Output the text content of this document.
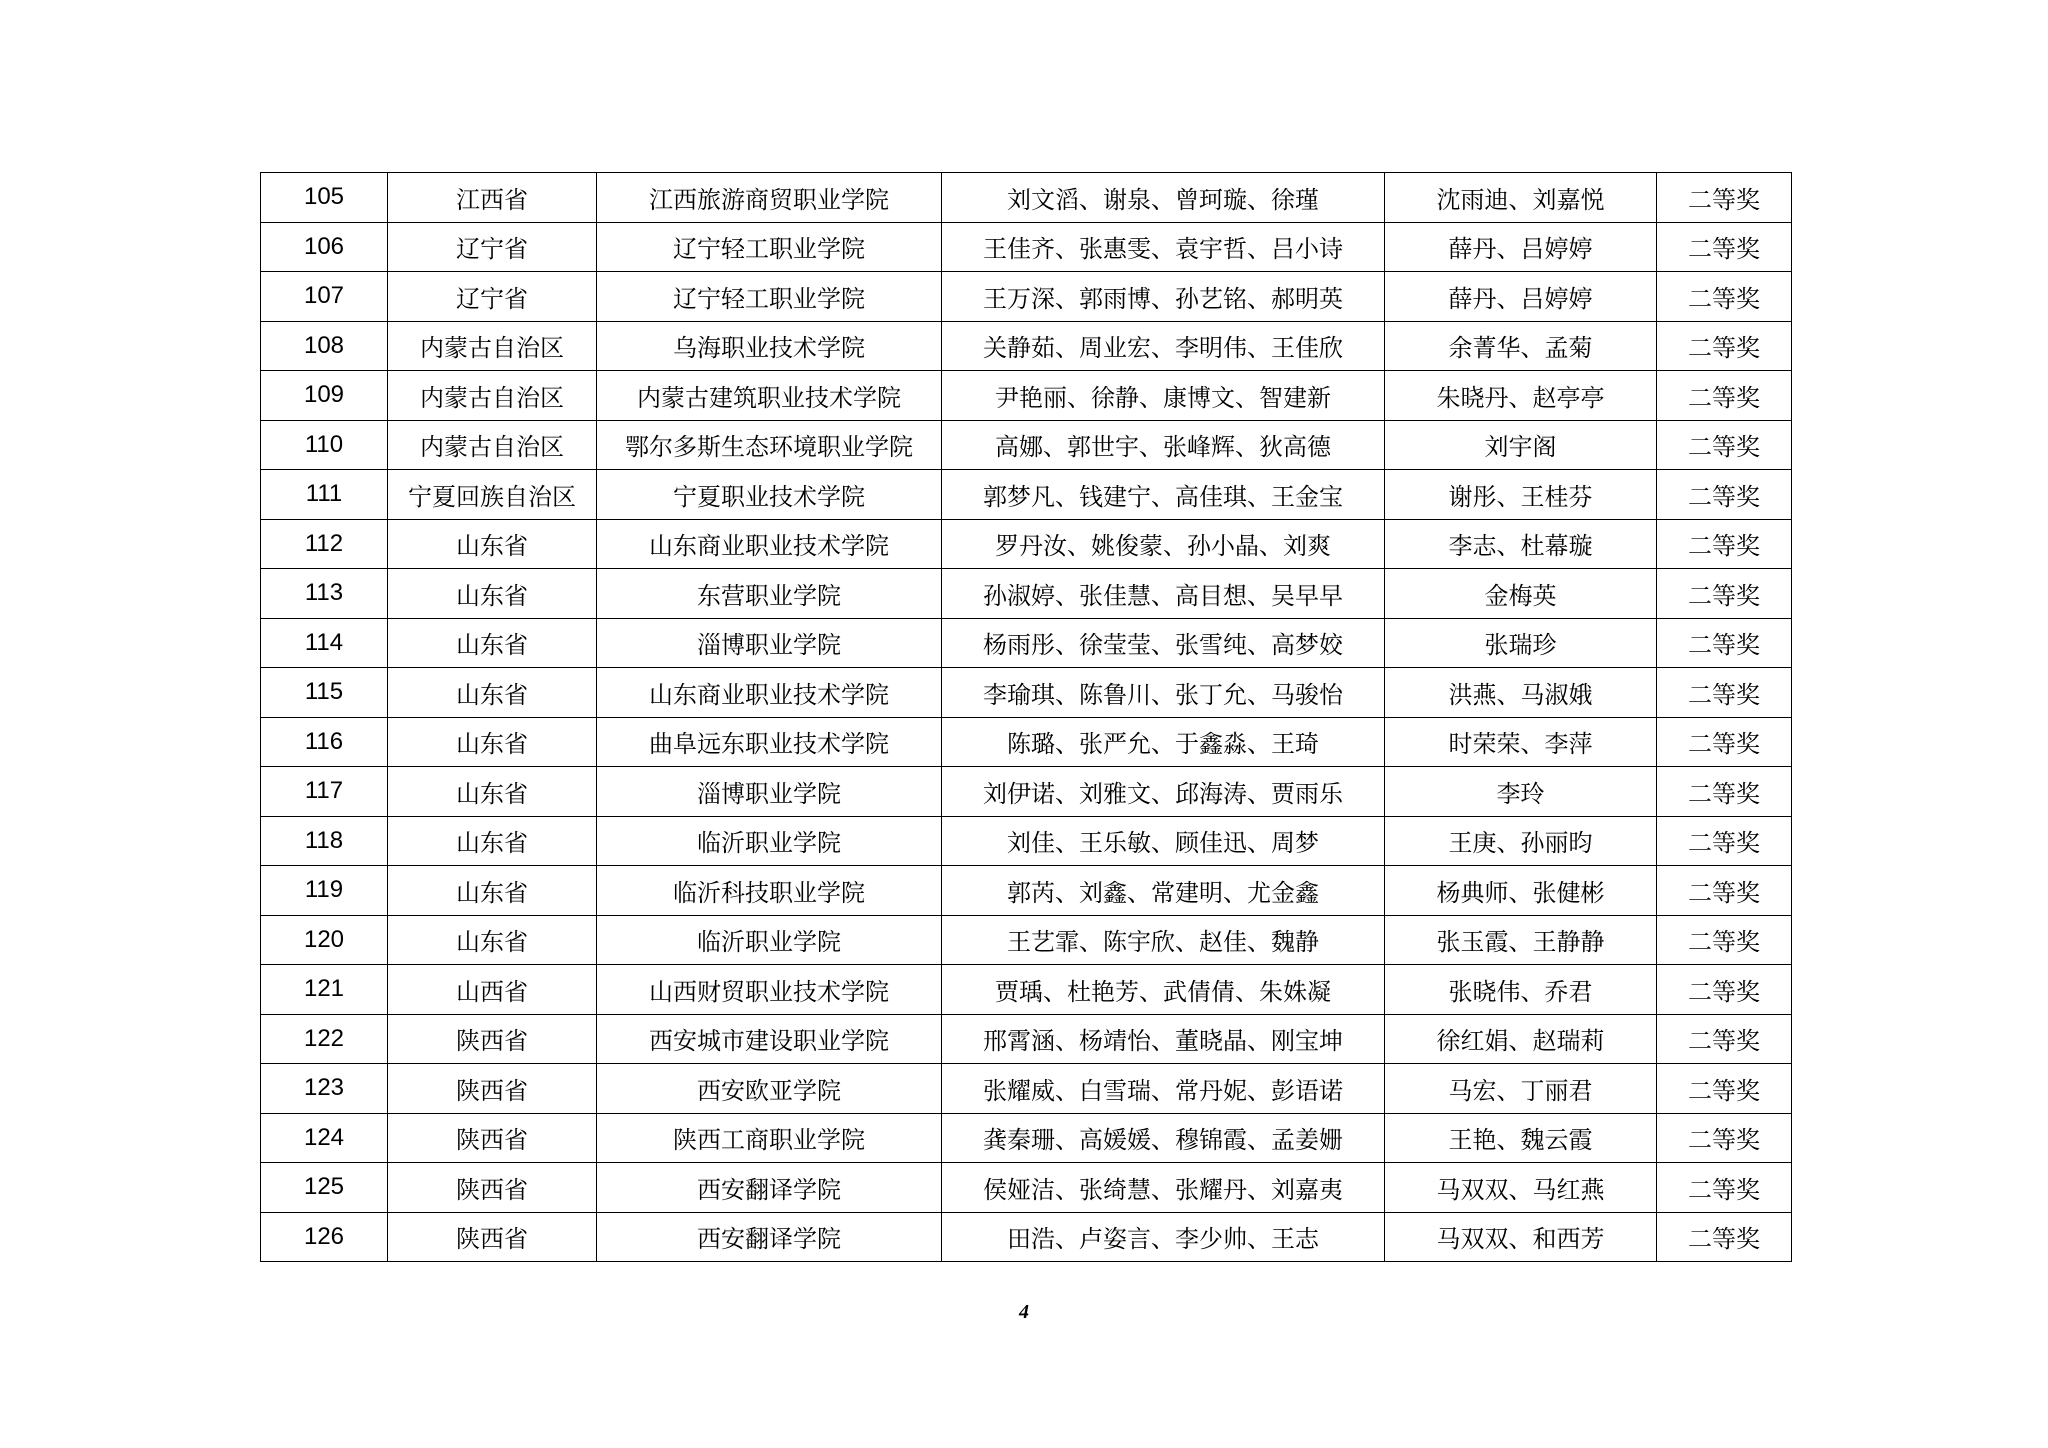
105	江西省	江西旅游商贸职业学院	刘文滔、谢泉、曾珂璇、徐瑾	沈雨迪、刘嘉悦	二等奖
106	辽宁省	辽宁轻工职业学院	王佳齐、张惠雯、袁宇哲、吕小诗	薛丹、吕婷婷	二等奖
107	辽宁省	辽宁轻工职业学院	王万深、郭雨博、孙艺铭、郝明英	薛丹、吕婷婷	二等奖
108	内蒙古自治区	乌海职业技术学院	关静茹、周业宏、李明伟、王佳欣	余菁华、孟菊	二等奖
109	内蒙古自治区	内蒙古建筑职业技术学院	尹艳丽、徐静、康博文、智建新	朱晓丹、赵亭亭	二等奖
110	内蒙古自治区	鄂尔多斯生态环境职业学院	高娜、郭世宇、张峰辉、狄高德	刘宇阁	二等奖
111	宁夏回族自治区	宁夏职业技术学院	郭梦凡、钱建宁、高佳琪、王金宝	谢彤、王桂芬	二等奖
112	山东省	山东商业职业技术学院	罗丹汝、姚俊蒙、孙小晶、刘爽	李志、杜幕璇	二等奖
113	山东省	东营职业学院	孙淑婷、张佳慧、高目想、吴早早	金梅英	二等奖
114	山东省	淄博职业学院	杨雨彤、徐莹莹、张雪纯、高梦姣	张瑞珍	二等奖
115	山东省	山东商业职业技术学院	李瑜琪、陈鲁川、张丁允、马骏怡	洪燕、马淑娥	二等奖
116	山东省	曲阜远东职业技术学院	陈璐、张严允、于鑫淼、王琦	时荣荣、李萍	二等奖
117	山东省	淄博职业学院	刘伊诺、刘雅文、邱海涛、贾雨乐	李玲	二等奖
118	山东省	临沂职业学院	刘佳、王乐敏、顾佳迅、周梦	王庚、孙丽昀	二等奖
119	山东省	临沂科技职业学院	郭芮、刘鑫、常建明、尤金鑫	杨典师、张健彬	二等奖
120	山东省	临沂职业学院	王艺霏、陈宇欣、赵佳、魏静	张玉霞、王静静	二等奖
121	山西省	山西财贸职业技术学院	贾瑀、杜艳芳、武倩倩、朱姝凝	张晓伟、乔君	二等奖
122	陕西省	西安城市建设职业学院	邢霄涵、杨靖怡、董晓晶、刚宝坤	徐红娟、赵瑞莉	二等奖
123	陕西省	西安欧亚学院	张耀威、白雪瑞、常丹妮、彭语诺	马宏、丁丽君	二等奖
124	陕西省	陕西工商职业学院	龚秦珊、高媛媛、穆锦霞、孟姜姗	王艳、魏云霞	二等奖
125	陕西省	西安翻译学院	侯娅洁、张绮慧、张耀丹、刘嘉夷	马双双、马红燕	二等奖
126	陕西省	西安翻译学院	田浩、卢姿言、李少帅、王志	马双双、和西芳	二等奖
4
